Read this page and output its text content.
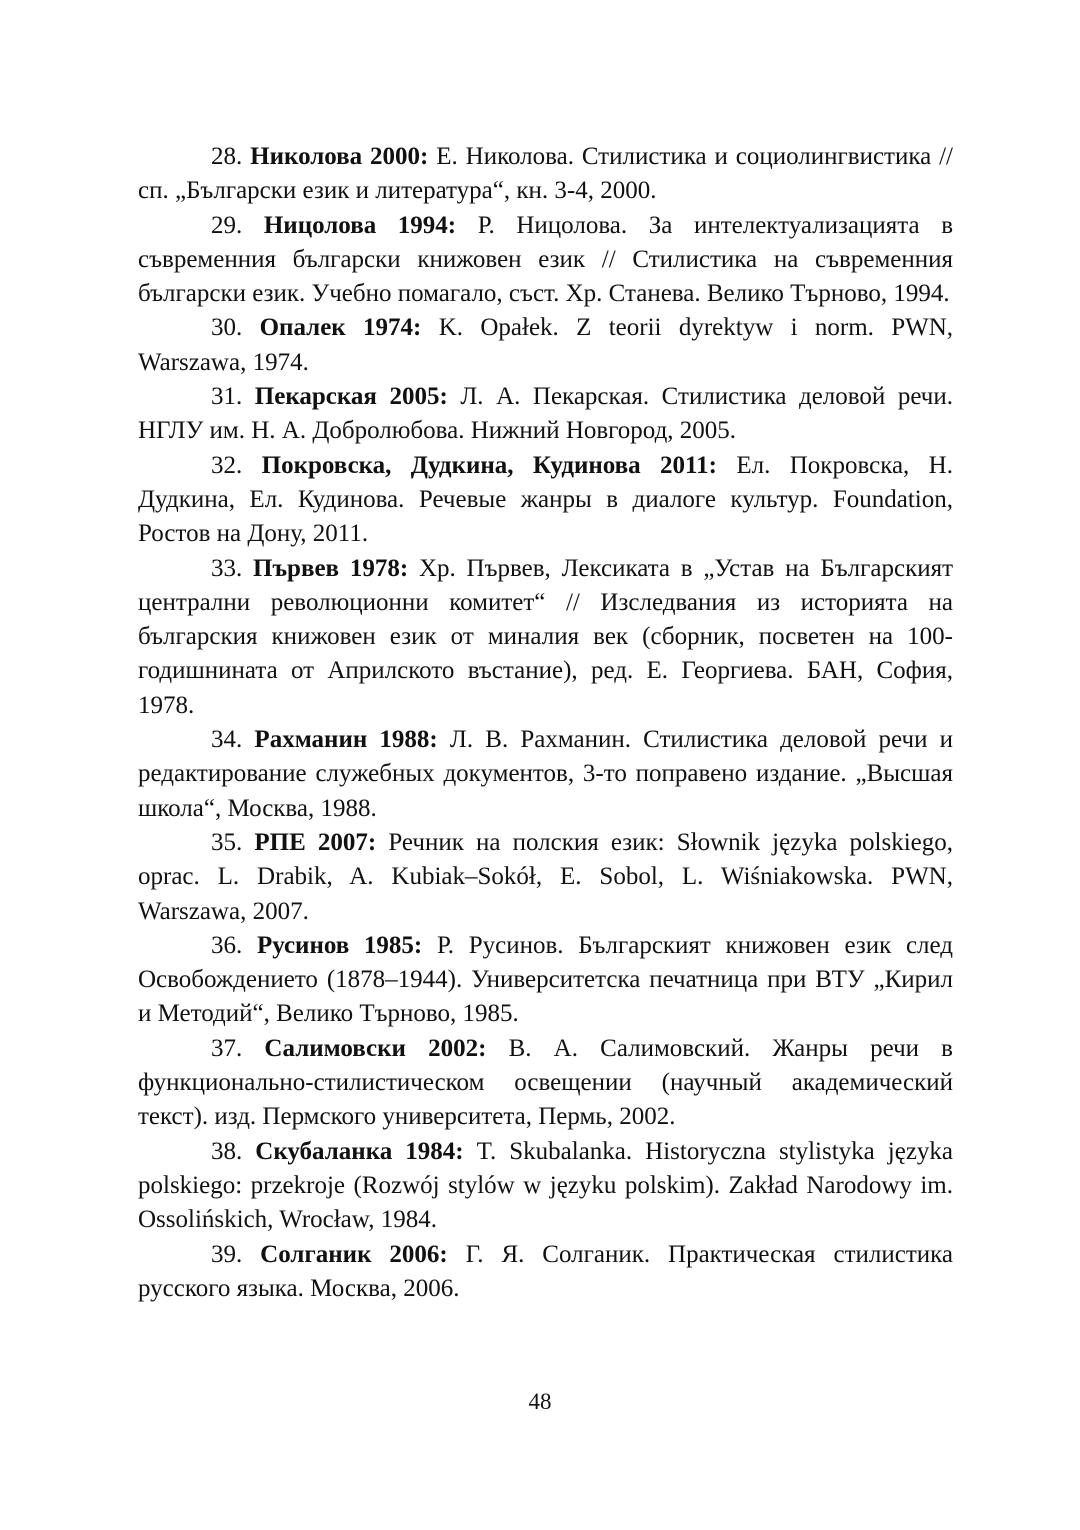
28. Николова 2000: Е. Николова. Стилистика и социолингвистика // сп. „Български език и литература“, кн. 3-4, 2000.

29. Ницолова 1994: Р. Ницолова. За интелектуализацията в съвременния български книжовен език // Стилистика на съвременния български език. Учебно помагало, съст. Хр. Станева. Велико Търново, 1994.

30. Опалек 1974: K. Opałek. Z teorii dyrektyw i norm. PWN, Warszawa, 1974.

31. Пекарская 2005: Л. А. Пекарская. Стилистика деловой речи. НГЛУ им. Н. А. Добролюбова. Нижний Новгород, 2005.

32. Покровска, Дудкина, Кудинова 2011: Ел. Покровска, Н. Дудкина, Ел. Кудинова. Речевые жанры в диалоге культур. Foundation, Ростов на Дону, 2011.

33. Първев 1978: Хр. Първев, Лексиката в „Устав на Българският централни революционни комитет“ // Изследвания из историята на българския книжовен език от миналия век (сборник, посветен на 100-годишнината от Априлското въстание), ред. Е. Георгиева. БАН, София, 1978.

34. Рахманин 1988: Л. В. Рахманин. Стилистика деловой речи и редактирование служебных документов, 3-то поправено издание. „Высшая школа“, Москва, 1988.

35. РПЕ 2007: Речник на полския език: Słownik języka polskiego, oprac. L. Drabik, A. Kubiak–Sokół, E. Sobol, L. Wiśniakowska. PWN, Warszawa, 2007.

36. Русинов 1985: Р. Русинов. Българският книжовен език след Освобождението (1878–1944). Университетска печатница при ВТУ „Кирил и Методий“, Велико Търново, 1985.

37. Салимовски 2002: В. А. Салимовский. Жанры речи в функционально-стилистическом освещении (научный академический текст). изд. Пермского университета, Пермь, 2002.

38. Скубаланка 1984: T. Skubalanka. Historyczna stylistyka języka polskiego: przekroje (Rozwój stylów w języku polskim). Zakład Narodowy im. Ossolińskich, Wrocław, 1984.

39. Солганик 2006: Г. Я. Солганик. Практическая стилистика русского языка. Москва, 2006.

48
